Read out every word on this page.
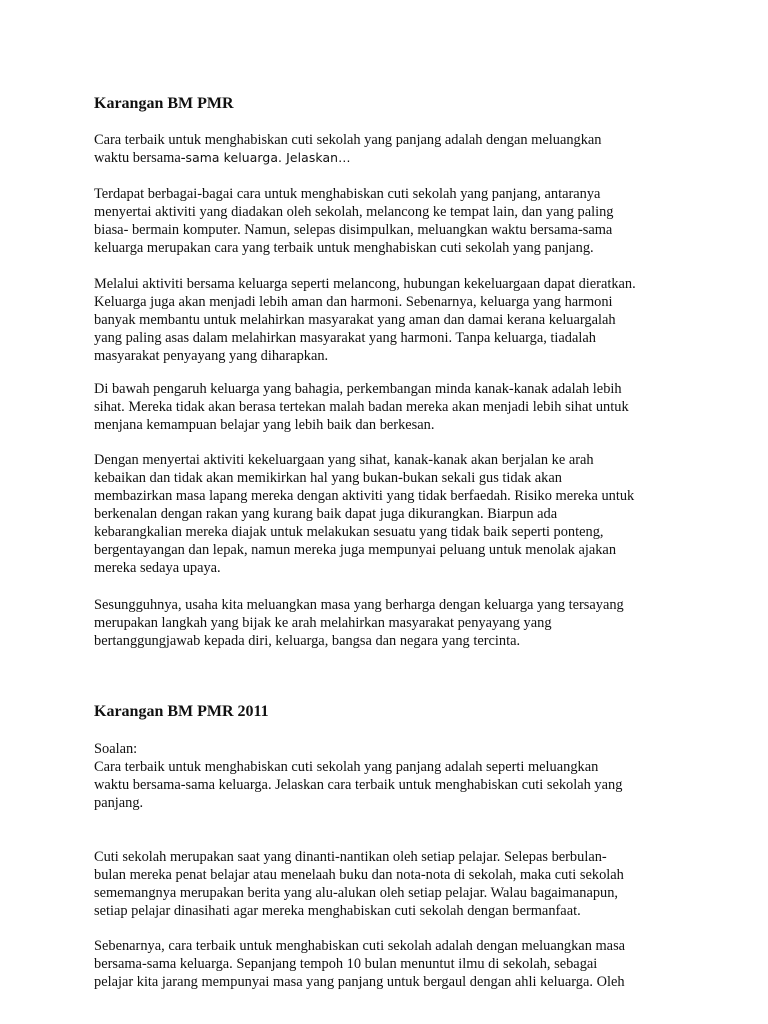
Karangan BM PMR
Cara terbaik untuk menghabiskan cuti sekolah yang panjang adalah dengan meluangkan
waktu bersama-sama keluarga. Jelaskan…
Terdapat berbagai-bagai cara untuk menghabiskan cuti sekolah yang panjang, antaranya
menyertai aktiviti yang diadakan oleh sekolah, melancong ke tempat lain, dan yang paling
biasa- bermain komputer. Namun, selepas disimpulkan, meluangkan waktu bersama-sama
keluarga merupakan cara yang terbaik untuk menghabiskan cuti sekolah yang panjang.
Melalui aktiviti bersama keluarga seperti melancong, hubungan kekeluargaan dapat dieratkan.
Keluarga juga akan menjadi lebih aman dan harmoni. Sebenarnya, keluarga yang harmoni
banyak membantu untuk melahirkan masyarakat yang aman dan damai kerana keluargalah
yang paling asas dalam melahirkan masyarakat yang harmoni. Tanpa keluarga, tiadalah
masyarakat penyayang yang diharapkan.
Di bawah pengaruh keluarga yang bahagia, perkembangan minda kanak-kanak adalah lebih
sihat. Mereka tidak akan berasa tertekan malah badan mereka akan menjadi lebih sihat untuk
menjana kemampuan belajar yang lebih baik dan berkesan.
Dengan menyertai aktiviti kekeluargaan yang sihat, kanak-kanak akan berjalan ke arah
kebaikan dan tidak akan memikirkan hal yang bukan-bukan sekali gus tidak akan
membazirkan masa lapang mereka dengan aktiviti yang tidak berfaedah. Risiko mereka untuk
berkenalan dengan rakan yang kurang baik dapat juga dikurangkan. Biarpun ada
kebarangkalian mereka diajak untuk melakukan sesuatu yang tidak baik seperti ponteng,
bergentayangan dan lepak, namun mereka juga mempunyai peluang untuk menolak ajakan
mereka sedaya upaya.
Sesungguhnya, usaha kita meluangkan masa yang berharga dengan keluarga yang tersayang
merupakan langkah yang bijak ke arah melahirkan masyarakat penyayang yang
bertanggungjawab kepada diri, keluarga, bangsa dan negara yang tercinta.
Karangan BM PMR 2011
Soalan:
Cara terbaik untuk menghabiskan cuti sekolah yang panjang adalah seperti meluangkan
waktu bersama-sama keluarga. Jelaskan cara terbaik untuk menghabiskan cuti sekolah yang
panjang.
Cuti sekolah merupakan saat yang dinanti-nantikan oleh setiap pelajar. Selepas berbulan-
bulan mereka penat belajar atau menelaah buku dan nota-nota di sekolah, maka cuti sekolah
sememangnya merupakan berita yang alu-alukan oleh setiap pelajar. Walau bagaimanapun,
setiap pelajar dinasihati agar mereka menghabiskan cuti sekolah dengan bermanfaat.
Sebenarnya, cara terbaik untuk menghabiskan cuti sekolah adalah dengan meluangkan masa
bersama-sama keluarga. Sepanjang tempoh 10 bulan menuntut ilmu di sekolah, sebagai
pelajar kita jarang mempunyai masa yang panjang untuk bergaul dengan ahli keluarga. Oleh
